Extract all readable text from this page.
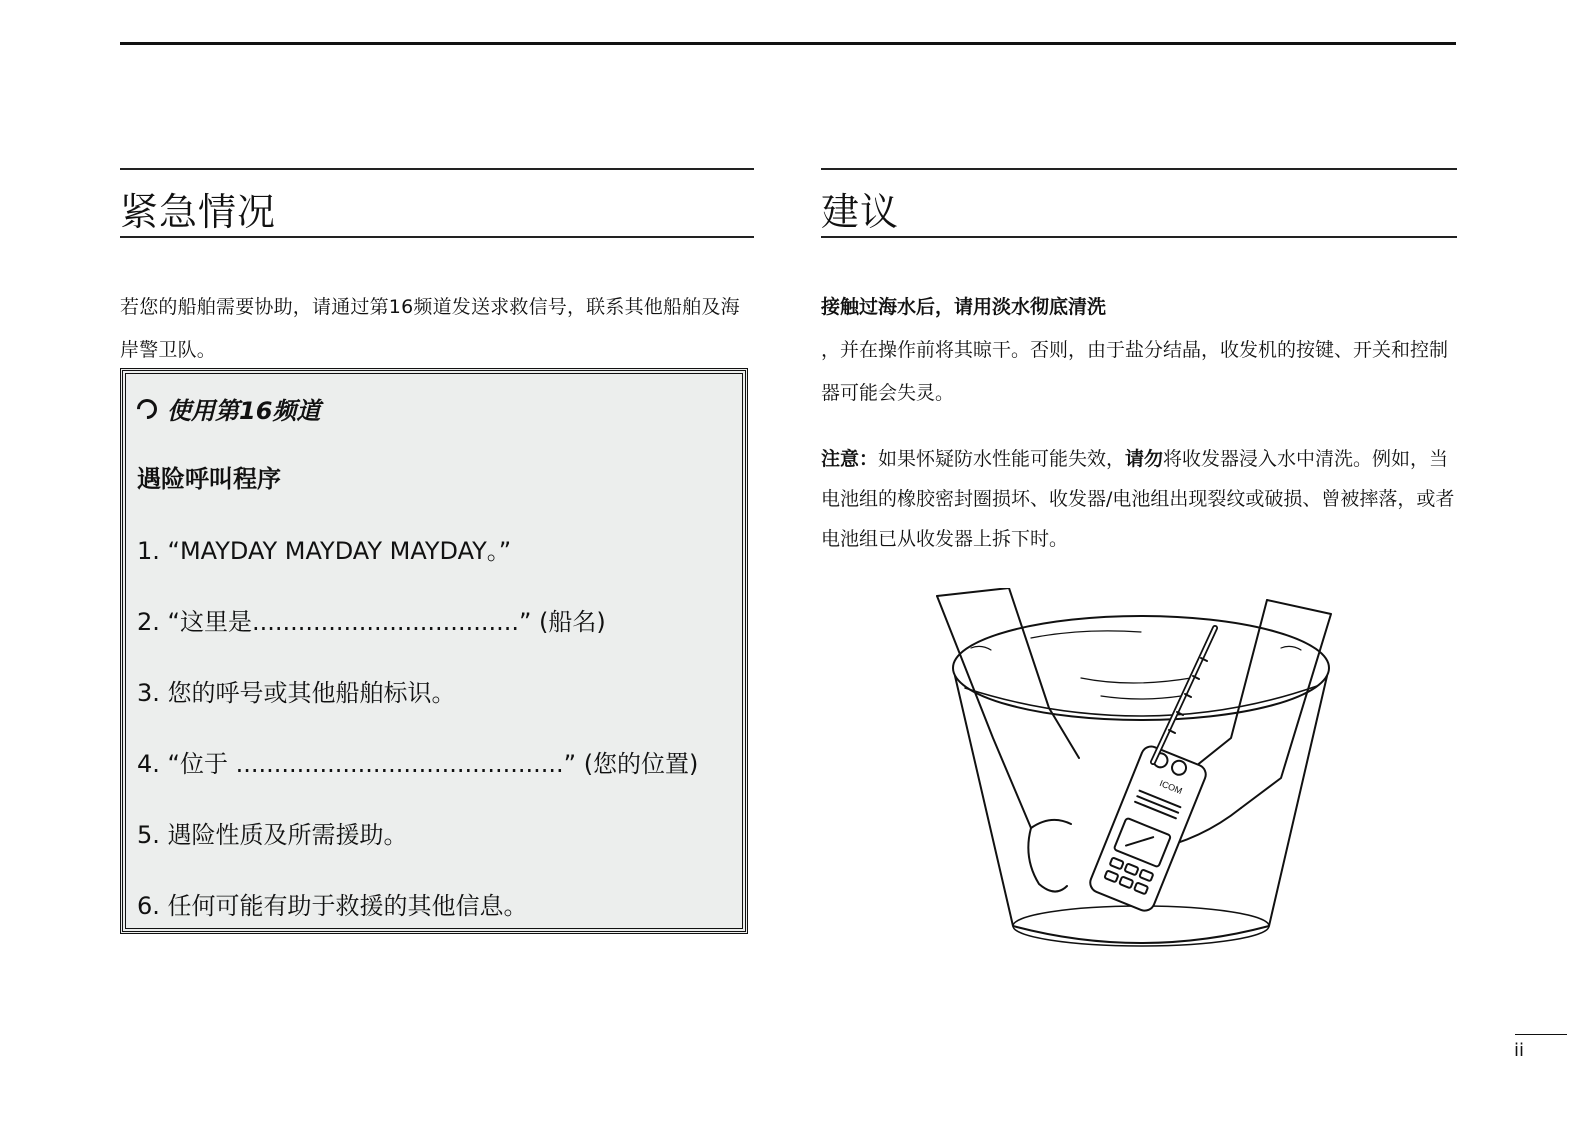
紧急情况

若您的船舶需要协助，请通过第16频道发送求救信号，联系其他船舶及海岸警卫队。

使用第16频道
遇险呼叫程序
1. “MAYDAY MAYDAY MAYDAY。”
2. “这里是...................................” (船名)
3. 您的呼号或其他船舶标识。
4. “位于 ...........................................” (您的位置)
5. 遇险性质及所需援助。
6. 任何可能有助于救援的其他信息。
建议

接触过海水后，请用淡水彻底清洗
，并在操作前将其晾干。否则，由于盐分结晶，收发机的按键、开关和控制器可能会失灵。

注意：如果怀疑防水性能可能失效，请勿将收发器浸入水中清洗。例如，当电池组的橡胶密封圈损坏、收发器/电池组出现裂纹或破损、曾被摔落，或者电池组已从收发器上拆下时。

ICOM
ii
